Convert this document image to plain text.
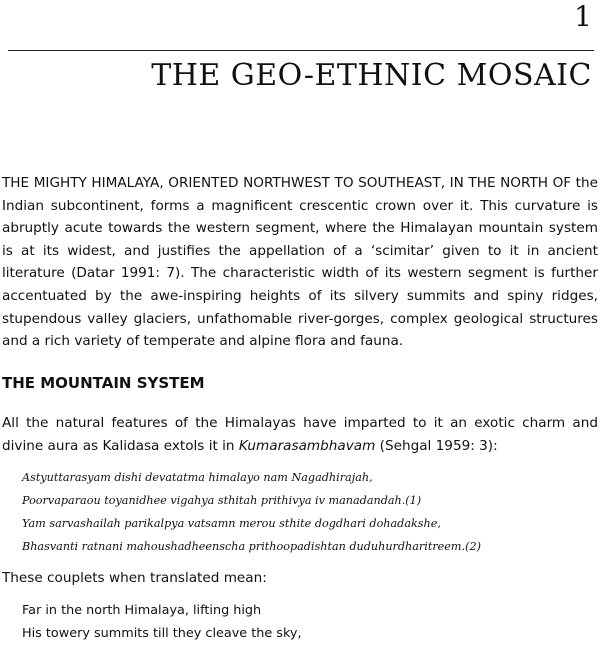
1
THE GEO-ETHNIC MOSAIC

THE MIGHTY HIMALAYA, ORIENTED NORTHWEST TO SOUTHEAST, IN THE NORTH OF the Indian subcontinent, forms a magnificent crescentic crown over it. This curvature is abruptly acute towards the western segment, where the Himalayan mountain system is at its widest, and justifies the appellation of a ‘scimitar’ given to it in ancient literature (Datar 1991: 7). The characteristic width of its western segment is further accentuated by the awe-inspiring heights of its silvery summits and spiny ridges, stupendous valley glaciers, unfathomable river-gorges, complex geological structures and a rich variety of temperate and alpine flora and fauna.

THE MOUNTAIN SYSTEM

All the natural features of the Himalayas have imparted to it an exotic charm and divine aura as Kalidasa extols it in Kumarasambhavam (Sehgal 1959: 3):

Astyuttarasyam dishi devatatma himalayo nam Nagadhirajah,
Poorvaparaou toyanidhee vigahya sthitah prithivya iv manadandah.(1)
Yam sarvashailah parikalpya vatsamn merou sthite dogdhari dohadakshe,
Bhasvanti ratnani mahoushadheenscha prithoopadishtan duduhurdharitreem.(2)

These couplets when translated mean:

Far in the north Himalaya, lifting high
His towery summits till they cleave the sky,
